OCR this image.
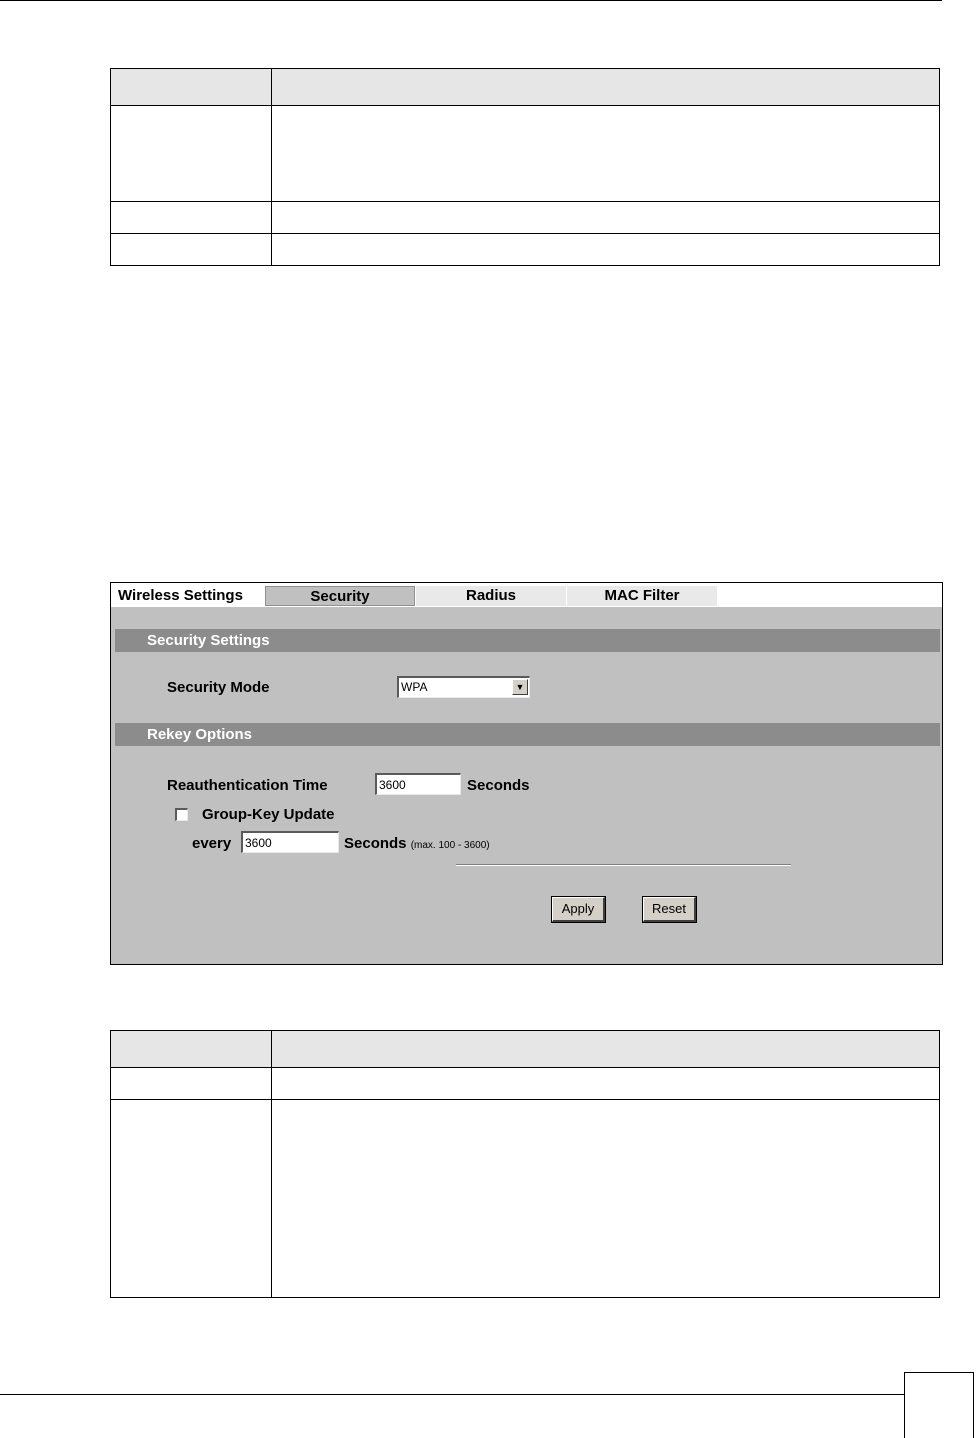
Wireless Settings	Security	Radius	MAC Filter
Security Settings
Security Mode	WPA	▼
Rekey Options
Reauthentication Time
3600	Seconds
Group-Key Update
every
3600	Seconds (max. 100 - 3600)
Apply	Reset
